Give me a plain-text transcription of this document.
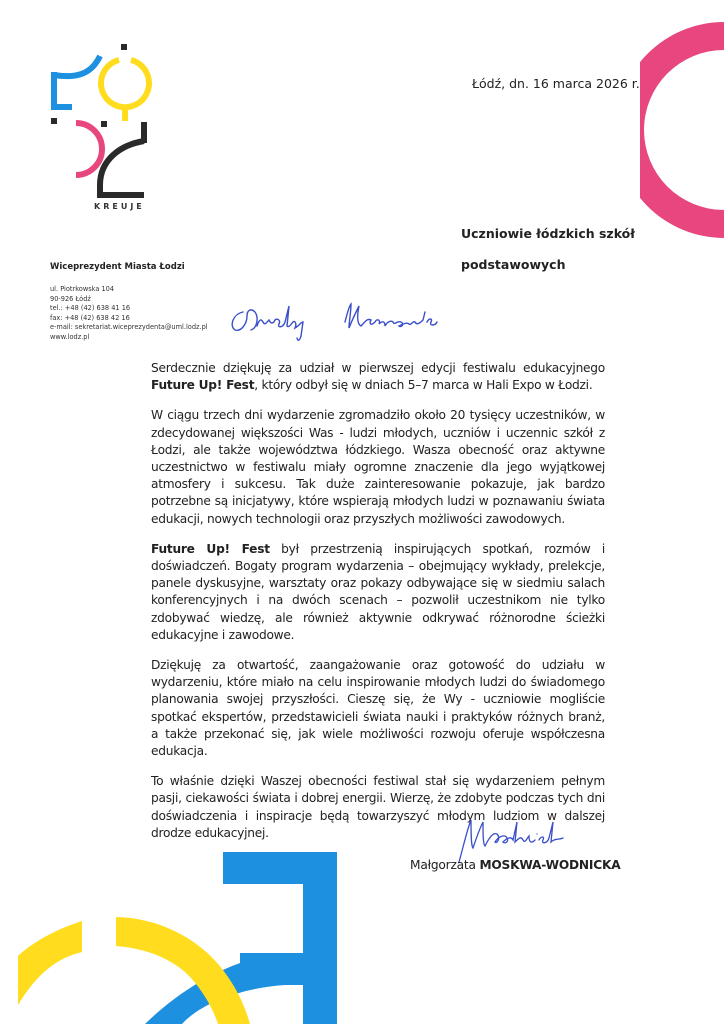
KREUJE
Wiceprezydent Miasta Łodzi
ul. Piotrkowska 104
90-926 Łódź
tel.: +48 (42) 638 41 16
fax: +48 (42) 638 42 16
e-mail: sekretariat.wiceprezydenta@uml.lodz.pl
www.lodz.pl
Łódź, dn. 16 marca 2026 r.
Uczniowie łódzkich szkół
podstawowych

Serdecznie dziękuję za udział w pierwszej edycji festiwalu edukacyjnego Future Up! Fest, który odbył się w dniach 5–7 marca w Hali Expo w Łodzi.

W ciągu trzech dni wydarzenie zgromadziło około 20 tysięcy uczestników, w zdecydowanej większości Was - ludzi młodych, uczniów i uczennic szkół z Łodzi, ale także województwa łódzkiego. Wasza obecność oraz aktywne uczestnictwo w festiwalu miały ogromne znaczenie dla jego wyjątkowej atmosfery i sukcesu. Tak duże zainteresowanie pokazuje, jak bardzo potrzebne są inicjatywy, które wspierają młodych ludzi w poznawaniu świata edukacji, nowych technologii oraz przyszłych możliwości zawodowych.

Future Up! Fest był przestrzenią inspirujących spotkań, rozmów i doświadczeń. Bogaty program wydarzenia – obejmujący wykłady, prelekcje, panele dyskusyjne, warsztaty oraz pokazy odbywające się w siedmiu salach konferencyjnych i na dwóch scenach – pozwolił uczestnikom nie tylko zdobywać wiedzę, ale również aktywnie odkrywać różnorodne ścieżki edukacyjne i zawodowe.

Dziękuję za otwartość, zaangażowanie oraz gotowość do udziału w wydarzeniu, które miało na celu inspirowanie młodych ludzi do świadomego planowania swojej przyszłości. Cieszę się, że Wy - uczniowie mogliście spotkać ekspertów, przedstawicieli świata nauki i praktyków różnych branż, a także przekonać się, jak wiele możliwości rozwoju oferuje współczesna edukacja.

To właśnie dzięki Waszej obecności festiwal stał się wydarzeniem pełnym pasji, ciekawości świata i dobrej energii. Wierzę, że zdobyte podczas tych dni doświadczenia i inspiracje będą towarzyszyć młodym ludziom w dalszej drodze edukacyjnej.

Małgorzata MOSKWA-WODNICKA
